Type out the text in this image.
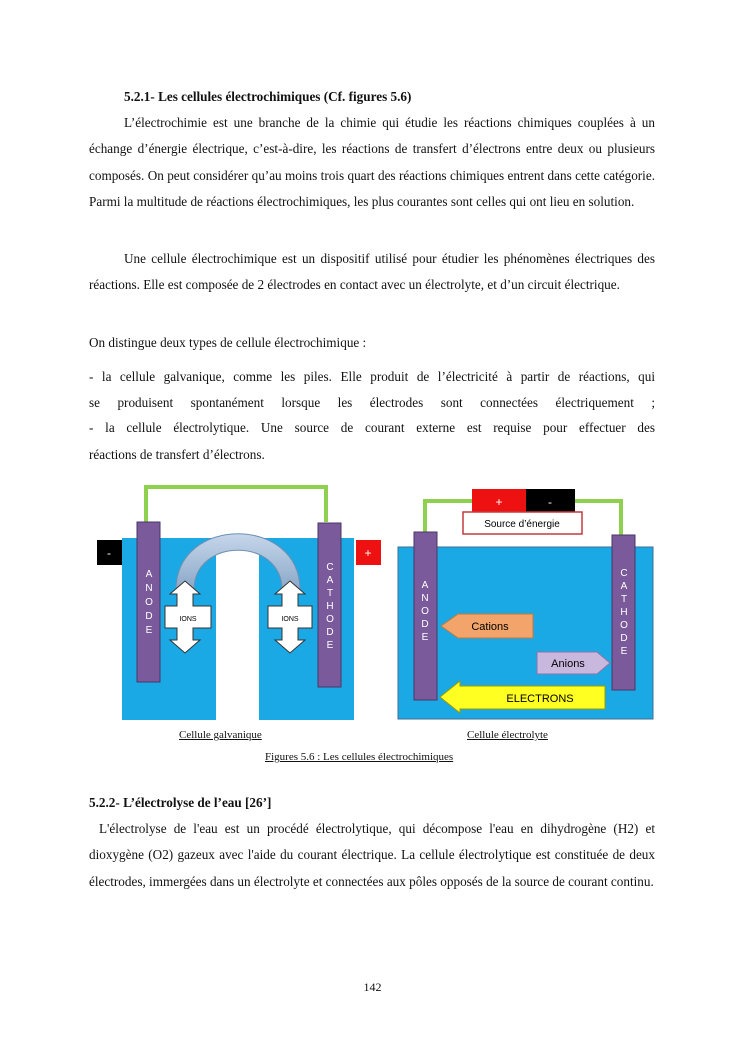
5.2.1- Les cellules électrochimiques (Cf. figures 5.6)

L’électrochimie est une branche de la chimie qui étudie les réactions chimiques couplées à un échange d’énergie électrique, c’est-à-dire, les réactions de transfert d’électrons entre deux ou plusieurs composés. On peut considérer qu’au moins trois quart des réactions chimiques entrent dans cette catégorie. Parmi la multitude de réactions électrochimiques, les plus courantes sont celles qui ont lieu en solution.

Une cellule électrochimique est un dispositif utilisé pour étudier les phénomènes électriques des réactions. Elle est composée de 2 électrodes en contact avec un électrolyte, et d’un circuit électrique.

On distingue deux types de cellule électrochimique :

- la cellule galvanique, comme les piles. Elle produit de l’électricité à partir de réactions, qui

se produisent spontanément lorsque les électrodes sont connectées électriquement ;

- la cellule électrolytique. Une source de courant externe est requise pour effectuer des

réactions de transfert d’électrons.

A
N
O
D
E
C
A
T
H
O
D
E
-	+
IONS	IONS
+	-
Source d’énergie
A
N
O
D
E
C
A
T
H
O
D
E
Cations
Anions
ELECTRONS
Cellule galvanique	Cellule électrolyte
Figures 5.6 : Les cellules électrochimiques
5.2.2- L’électrolyse de l’eau [26’]

L'électrolyse de l'eau est un procédé électrolytique, qui décompose l'eau en dihydrogène (H2) et dioxygène (O2) gazeux avec l'aide du courant électrique. La cellule électrolytique est constituée de deux électrodes, immergées dans un électrolyte et connectées aux pôles opposés de la source de courant continu.

142
